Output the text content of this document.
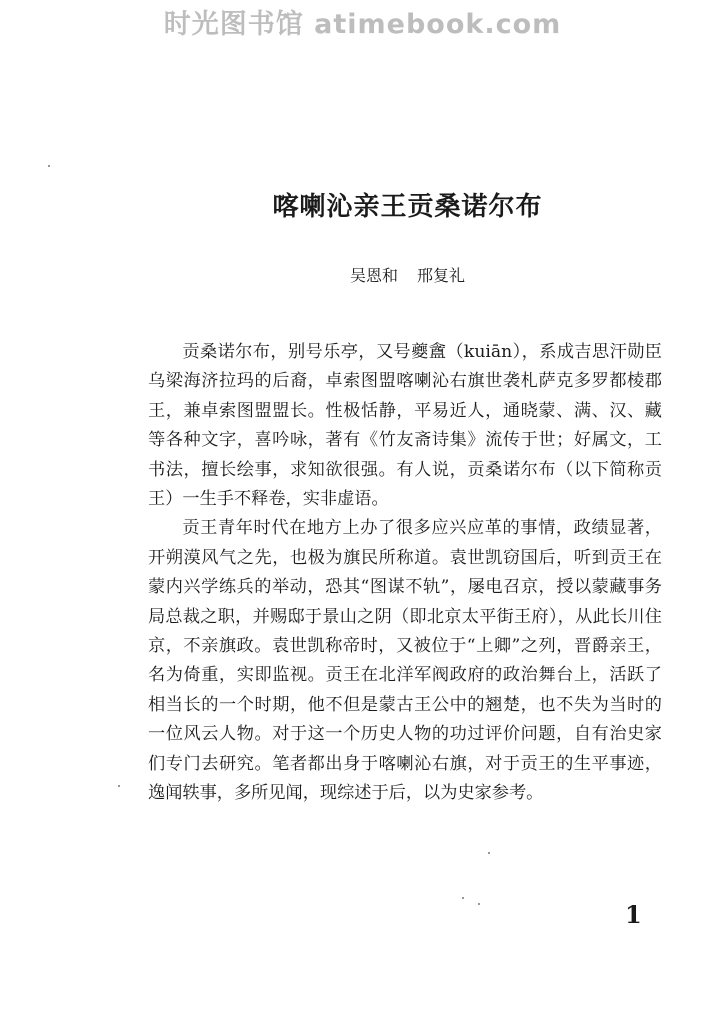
时光图书馆 atimebook.com
喀喇沁亲王贡桑诺尔布
吴恩和 邢复礼

贡桑诺尔布，别号乐亭，又号夔盦（kuiān），系成吉思汗勋臣乌梁海济拉玛的后裔，卓索图盟喀喇沁右旗世袭札萨克多罗都棱郡王，兼卓索图盟盟长。性极恬静，平易近人，通晓蒙、满、汉、藏等各种文字，喜吟咏，著有《竹友斋诗集》流传于世；好属文，工书法，擅长绘事，求知欲很强。有人说，贡桑诺尔布（以下简称贡王）一生手不释卷，实非虚语。

贡王青年时代在地方上办了很多应兴应革的事情，政绩显著，开朔漠风气之先，也极为旗民所称道。袁世凯窃国后，听到贡王在蒙内兴学练兵的举动，恐其“图谋不轨”，屡电召京，授以蒙藏事务局总裁之职，并赐邸于景山之阴（即北京太平街王府），从此长川住京，不亲旗政。袁世凯称帝时，又被位于“上卿”之列，晋爵亲王，名为倚重，实即监视。贡王在北洋军阀政府的政治舞台上，活跃了相当长的一个时期，他不但是蒙古王公中的翘楚，也不失为当时的一位风云人物。对于这一个历史人物的功过评价问题，自有治史家们专门去研究。笔者都出身于喀喇沁右旗，对于贡王的生平事迹，逸闻轶事，多所见闻，现综述于后，以为史家参考。

1
